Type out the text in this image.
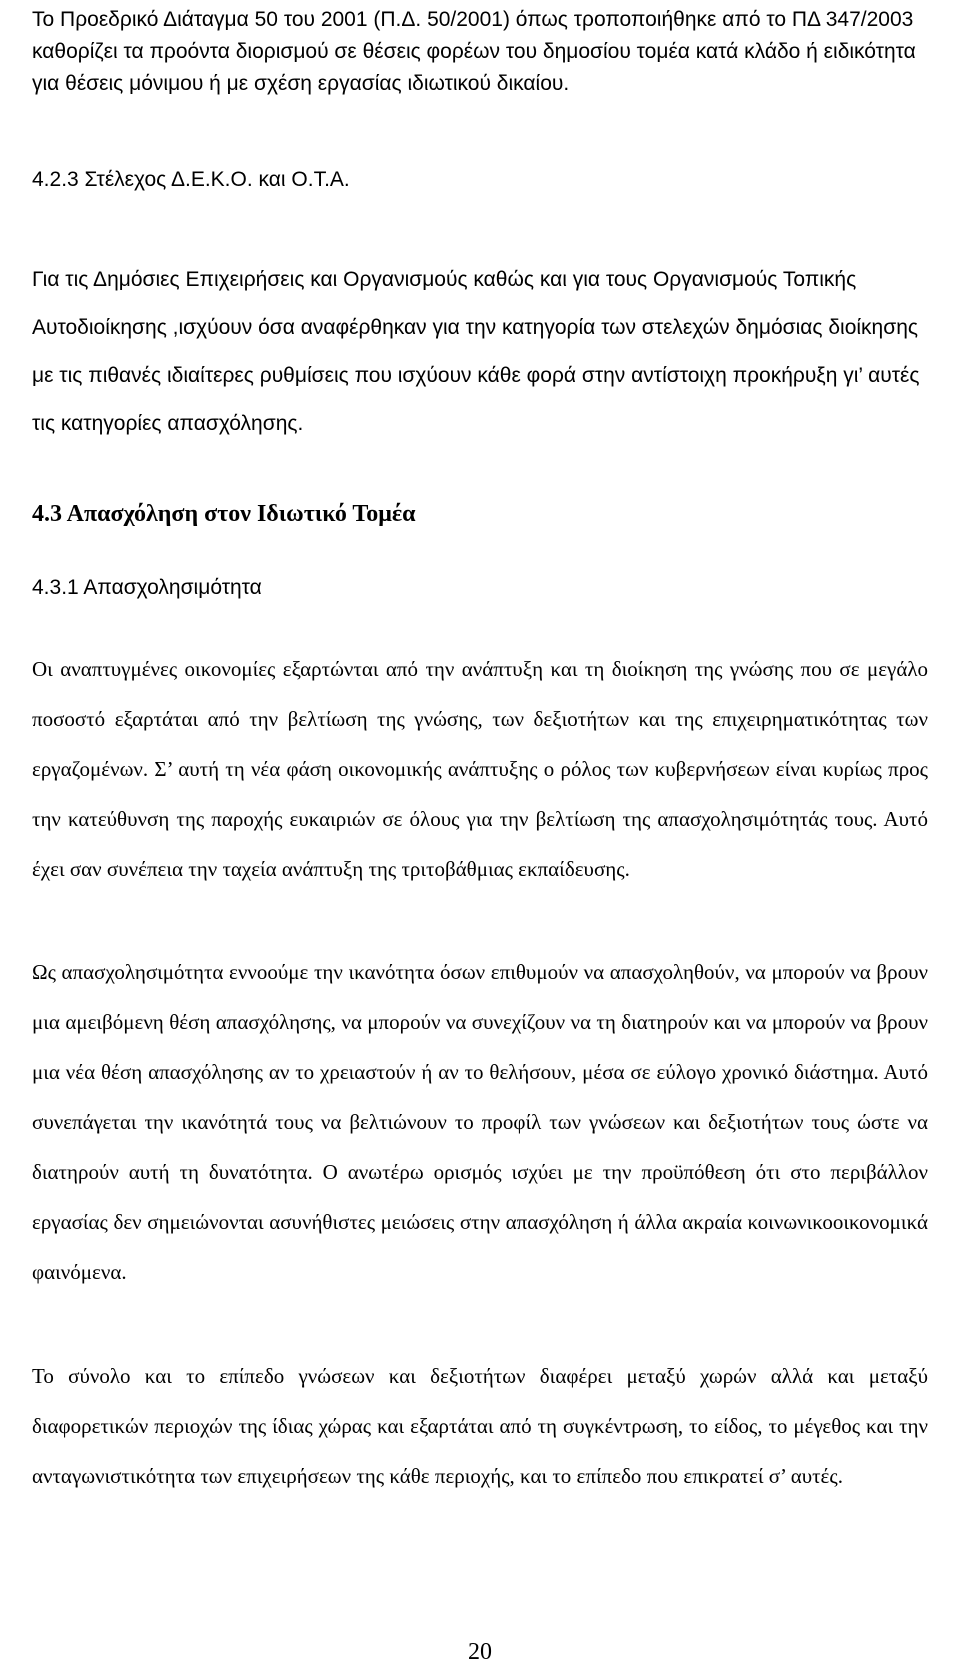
Το Προεδρικό Διάταγμα 50 του 2001 (Π.Δ. 50/2001) όπως τροποποιήθηκε από το ΠΔ 347/2003 καθορίζει τα προόντα διορισμού σε θέσεις φορέων του δημοσίου τομέα κατά κλάδο ή ειδικότητα για θέσεις μόνιμου ή με σχέση εργασίας ιδιωτικού δικαίου.

4.2.3 Στέλεχος Δ.Ε.Κ.Ο. και Ο.Τ.Α.

Για τις Δημόσιες Επιχειρήσεις και Οργανισμούς καθώς και για τους Οργανισμούς Τοπικής Αυτοδιοίκησης ,ισχύουν όσα αναφέρθηκαν για την κατηγορία των στελεχών δημόσιας διοίκησης με τις πιθανές ιδιαίτερες ρυθμίσεις που ισχύουν κάθε φορά στην αντίστοιχη προκήρυξη γι’ αυτές τις κατηγορίες απασχόλησης.

4.3 Απασχόληση στον Ιδιωτικό Τομέα
4.3.1 Απασχολησιμότητα

Οι αναπτυγμένες οικονομίες εξαρτώνται από την ανάπτυξη και τη διοίκηση της γνώσης που σε μεγάλο ποσοστό εξαρτάται από την βελτίωση της γνώσης, των δεξιοτήτων και της επιχειρηματικότητας των εργαζομένων. Σ’ αυτή τη νέα φάση οικονομικής ανάπτυξης ο ρόλος των κυβερνήσεων είναι κυρίως προς την κατεύθυνση της παροχής ευκαιριών σε όλους για την βελτίωση της απασχολησιμότητάς τους. Αυτό έχει σαν συνέπεια την ταχεία ανάπτυξη της τριτοβάθμιας εκπαίδευσης.

Ως απασχολησιμότητα εννοούμε την ικανότητα όσων επιθυμούν να απασχοληθούν, να μπορούν να βρουν μια αμειβόμενη θέση απασχόλησης, να μπορούν να συνεχίζουν να τη διατηρούν και να μπορούν να βρουν μια νέα θέση απασχόλησης αν το χρειαστούν ή αν το θελήσουν, μέσα σε εύλογο χρονικό διάστημα. Αυτό συνεπάγεται την ικανότητά τους να βελτιώνουν το προφίλ των γνώσεων και δεξιοτήτων τους ώστε να διατηρούν αυτή τη δυνατότητα. Ο ανωτέρω ορισμός ισχύει με την προϋπόθεση ότι στο περιβάλλον εργασίας δεν σημειώνονται ασυνήθιστες μειώσεις στην απασχόληση ή άλλα ακραία κοινωνικοοικονομικά φαινόμενα.

Το σύνολο και το επίπεδο γνώσεων και δεξιοτήτων διαφέρει μεταξύ χωρών αλλά και μεταξύ διαφορετικών περιοχών της ίδιας χώρας και εξαρτάται από τη συγκέντρωση, το είδος, το μέγεθος και την ανταγωνιστικότητα των επιχειρήσεων της κάθε περιοχής, και το επίπεδο που επικρατεί σ’ αυτές.

20
